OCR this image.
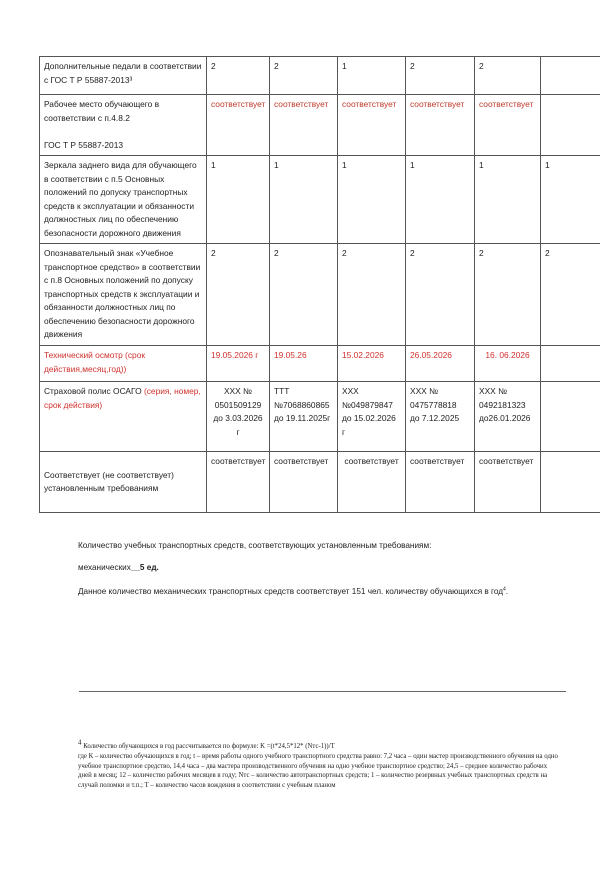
Дополнительные педали в соответствии с ГОС Т Р 55887-2013³	2	2	1	2	2	
Рабочее место обучающего в соответствии с п.4.8.2

ГОС Т Р 55887-2013	соответствует	соответствует	соответствует	соответствует	соответствует	
Зеркала заднего вида для обучающего в соответствии с п.5 Основных положений по допуску транспортных средств к эксплуатации и обязанности должностных лиц по обеспечению безопасности дорожного движения	1	1	1	1	1	1
Опознавательный знак «Учебное транспортное средство» в соответствии с п.8 Основных положений по допуску транспортных средств к эксплуатации и обязанности должностных лиц по обеспечению безопасности дорожного движения	2	2	2	2	2	2
Технический осмотр (срок действия,месяц,год))	19.05.2026 г	19.05.26	15.02.2026	26.05.2026	16. 06.2026	
Страховой полис ОСАГО (серия, номер, срок действия)	XXX №
0501509129
до 3.03.2026 г	TTT
№7068860865
до 19.11.2025г	XXX
№049879847
до 15.02.2026 г	XXX №
0475778818
до 7.12.2025	XXX №
0492181323
до26.01.2026	
Соответствует (не соответствует) установленным требованиям	соответствует	соответствует	соответствует	соответствует	соответствует	
Количество учебных транспортных средств, соответствующих установленным требованиям:
механических__5 ед.
Данное количество механических транспортных средств соответствует 151 чел. количеству обучающихся в год$^4$.
$^4$ Количество обучающихся в год рассчитывается по формуле: K =(t*24,5*12* (Nтс-1))/T
где К – количество обучающихся в год; t – время работы одного учебного транспортного средства равно: 7,2 часа – один мастер производственного обучения на одно учебное транспортное средство, 14,4 часа – два мастера производственного обучения на одно учебное транспортное средство; 24,5 – среднее количество рабочих дней в месяц; 12 – количество рабочих месяцев в году; Nтс – количество автотранспортных средств; 1 – количество резервных учебных транспортных средств на случай поломки и т.п.; Т – количество часов вождения в соответствии с учебным планом
